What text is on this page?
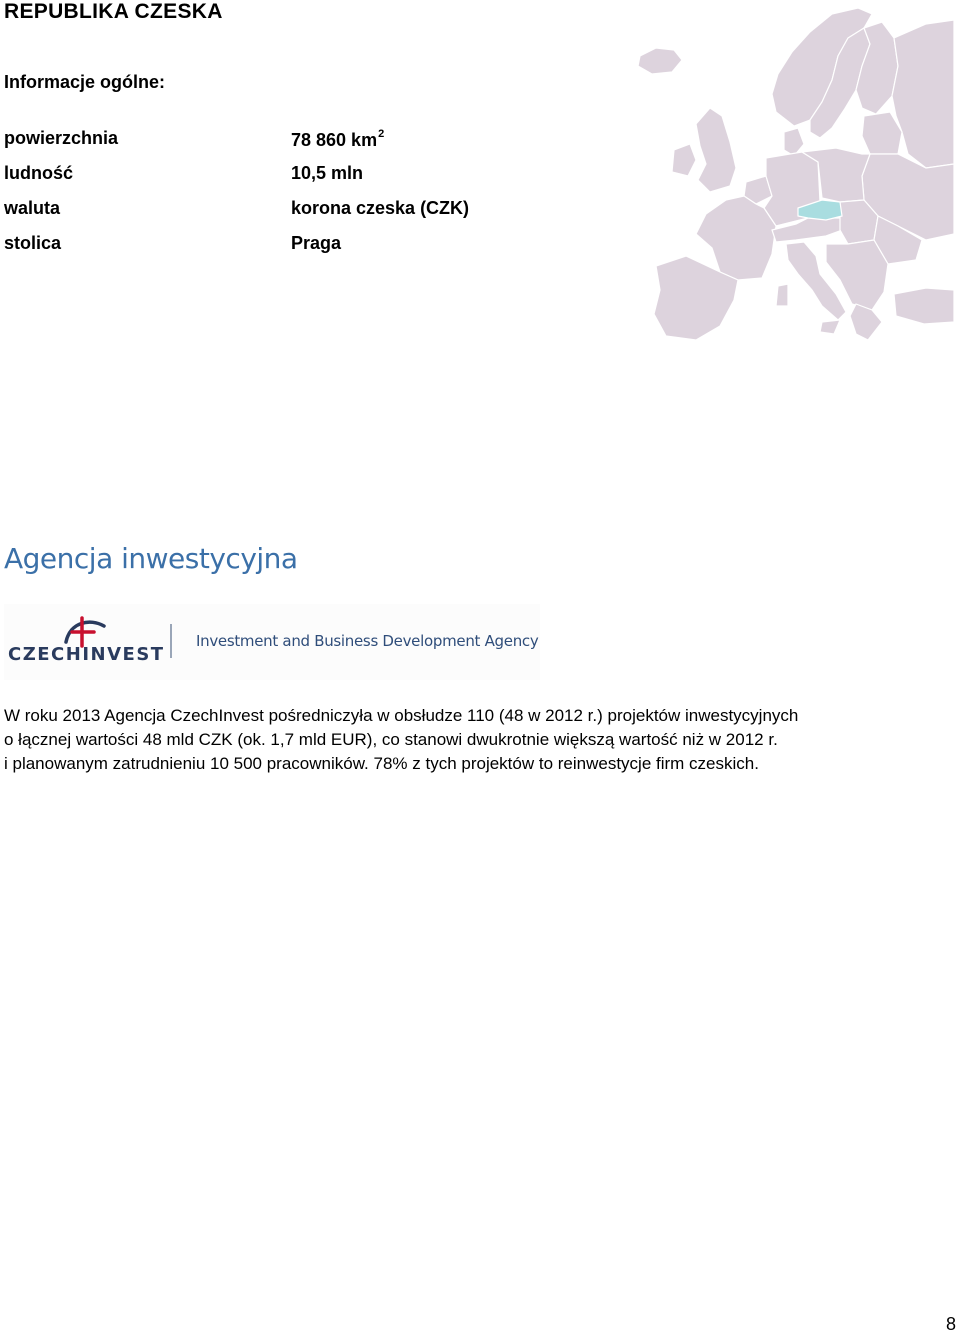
REPUBLIKA CZESKA
Informacje ogólne:
powierzchnia	78 860 $km^2$
ludność	10,5 mln
waluta	korona czeska (CZK)
stolica	Praga
Agencja inwestycyjna
CZECHINVEST
Investment and Business Development Agency
W roku 2013 Agencja CzechInvest pośredniczyła w obsłudze 110 (48 w 2012 r.) projektów inwestycyjnych
o łącznej wartości 48 mld CZK (ok. 1,7 mld EUR), co stanowi dwukrotnie większą wartość niż w 2012 r.
i planowanym zatrudnieniu 10 500 pracowników. 78% z tych projektów to reinwestycje firm czeskich.
8
